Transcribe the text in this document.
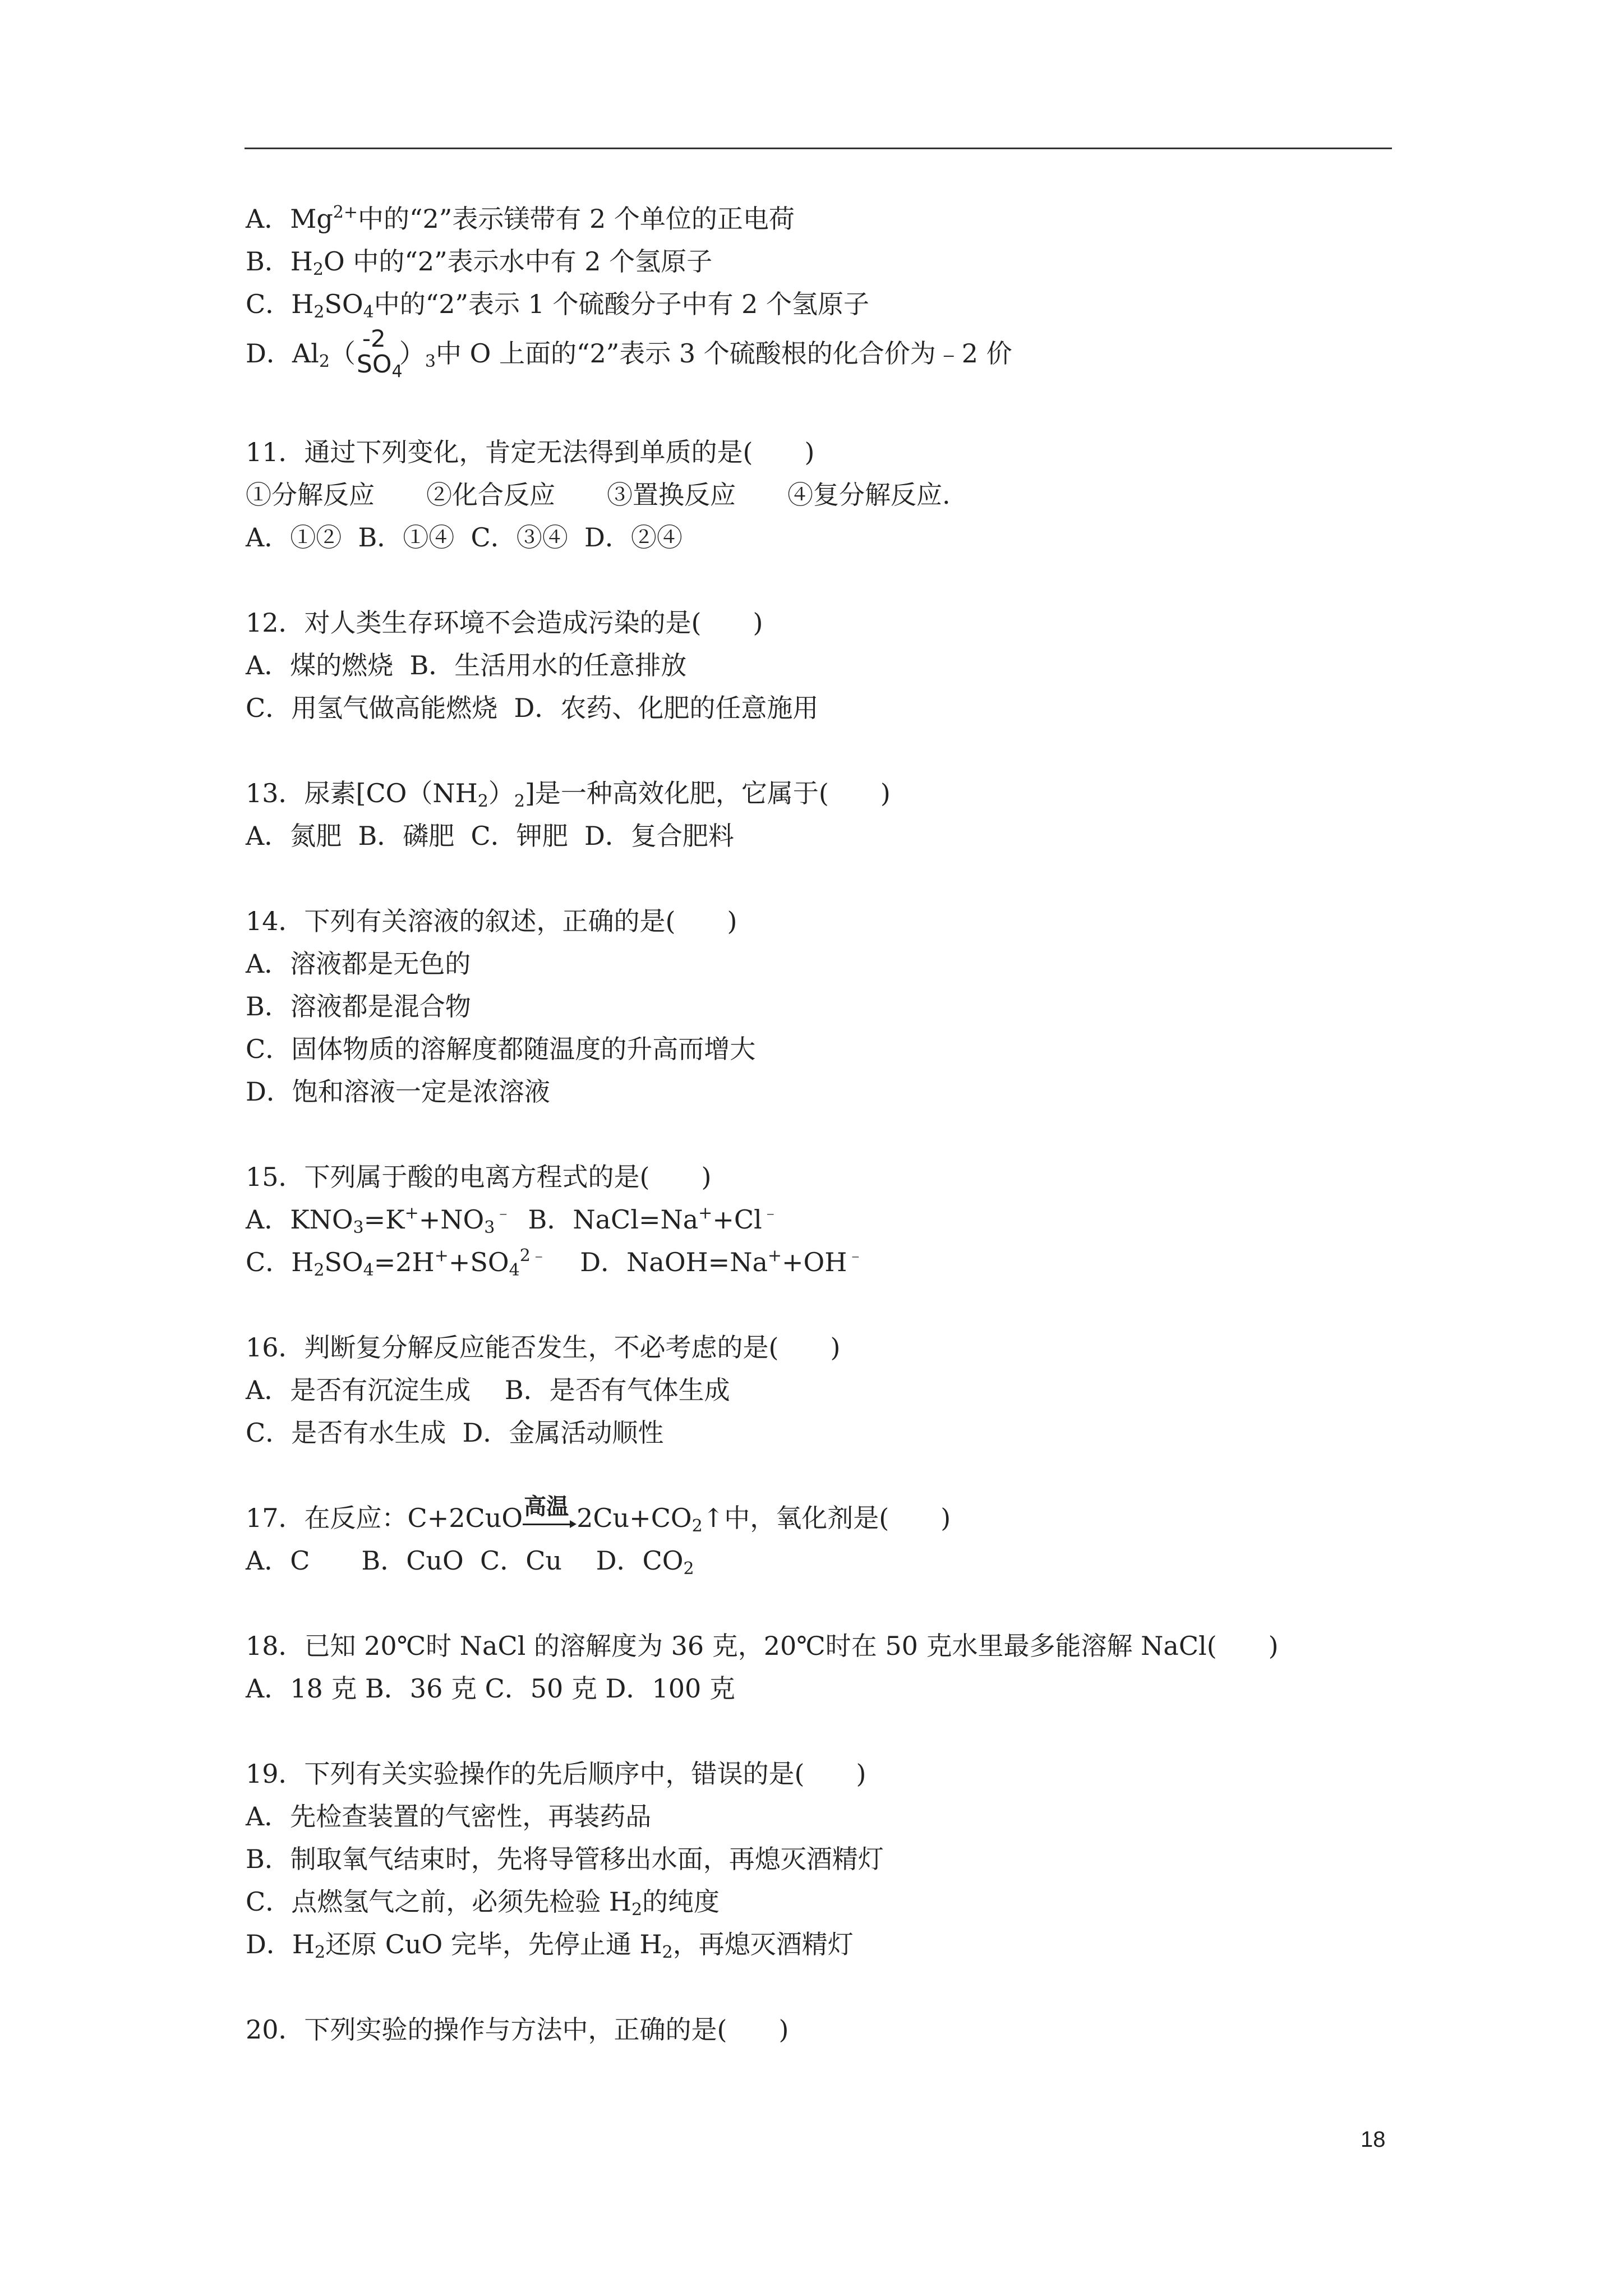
A．$Mg^{2+}$中的“2”表示镁带有 2 个单位的正电荷
B．$H_2O$ 中的“2”表示水中有 2 个氢原子
C．$H_2SO_4$中的“2”表示 1 个硫酸分子中有 2 个氢原子
D．$Al_2$（ -2
$SO_4$
）$_3$中 O 上面的“2”表示 3 个硫酸根的化合价为﹣2 价
11．通过下列变化，肯定无法得到单质的是(　　)
①分解反应　　②化合反应　　③置换反应　　④复分解反应.
A．①②  B．①④  C．③④  D．②④
12．对人类生存环境不会造成污染的是(　　)
A．煤的燃烧  B．生活用水的任意排放
C．用氢气做高能燃烧  D．农药、化肥的任意施用
13．尿素$[CO(NH_2)_2]$是一种高效化肥，它属于(　　)
A．氮肥  B．磷肥  C．钾肥  D．复合肥料
14．下列有关溶液的叙述，正确的是(　　)
A．溶液都是无色的
B．溶液都是混合物
C．固体物质的溶解度都随温度的升高而增大
D．饱和溶液一定是浓溶液
15．下列属于酸的电离方程式的是(　　)
A．$KNO_3=K^++NO_3^﹣$  B．NaCl=Na++Cl﹣
C．$H_2SO_4=2H^++SO_4^{2﹣}$    D．NaOH=Na++OH﹣
16．判断复分解反应能否发生，不必考虑的是(　　)
A．是否有沉淀生成　 B．是否有气体生成
C．是否有水生成  D．金属活动顺性
17．在反应：C+2CuO 高温 $2Cu+CO_2↑$中，氧化剂是(　　)
A．C　　B．CuO  C．Cu　 D．$CO_2$
18．已知 20℃时 NaCl 的溶解度为 36 克，20℃时在 50 克水里最多能溶解 NaCl(　　)
A．18 克 B．36 克 C．50 克 D．100 克
19．下列有关实验操作的先后顺序中，错误的是(　　)
A．先检查装置的气密性，再装药品
B．制取氧气结束时，先将导管移出水面，再熄灭酒精灯
C．点燃氢气之前，必须先检验 $H_2$的纯度
D．$H_2$还原 CuO 完毕，先停止通 $H_2$，再熄灭酒精灯
20．下列实验的操作与方法中，正确的是(　　)
18
